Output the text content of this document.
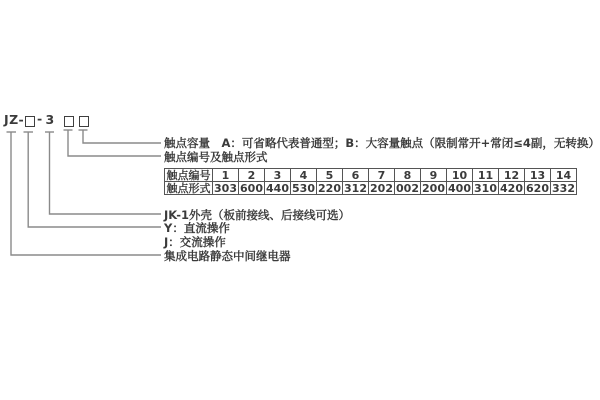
JZ- - 3
触点容量　A：可省略代表普通型；B：大容量触点（限制常开+常闭≤4副，无转换）
触点编号及触点形式
JK-1外壳（板前接线、后接线可选）
Y：直流操作
J：交流操作
集成电路静态中间继电器
触点编号	1	2	3	4	5	6	7	8	9	10	11	12	13	14
触点形式	303	600	440	530	220	312	202	002	200	400	310	420	620	332
